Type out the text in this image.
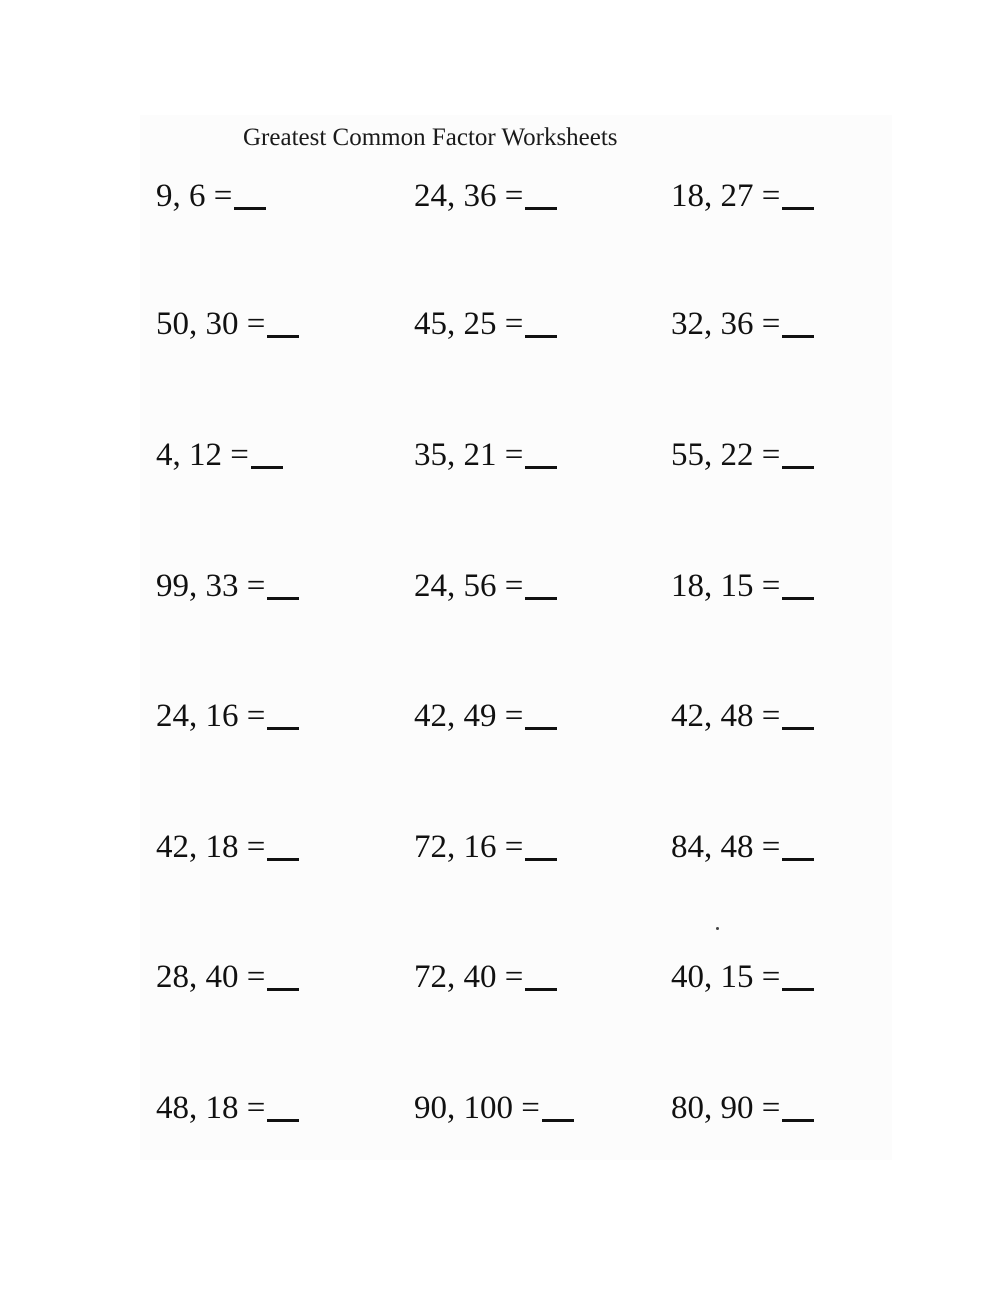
Greatest Common Factor Worksheets
9, 6 =	24, 36 =	18, 27 =
50, 30 =	45, 25 =	32, 36 =
4, 12 =	35, 21 =	55, 22 =
99, 33 =	24, 56 =	18, 15 =
24, 16 =	42, 49 =	42, 48 =
42, 18 =	72, 16 =	84, 48 =
28, 40 =	72, 40 =	40, 15 =
48, 18 =	90, 100 =	80, 90 =
